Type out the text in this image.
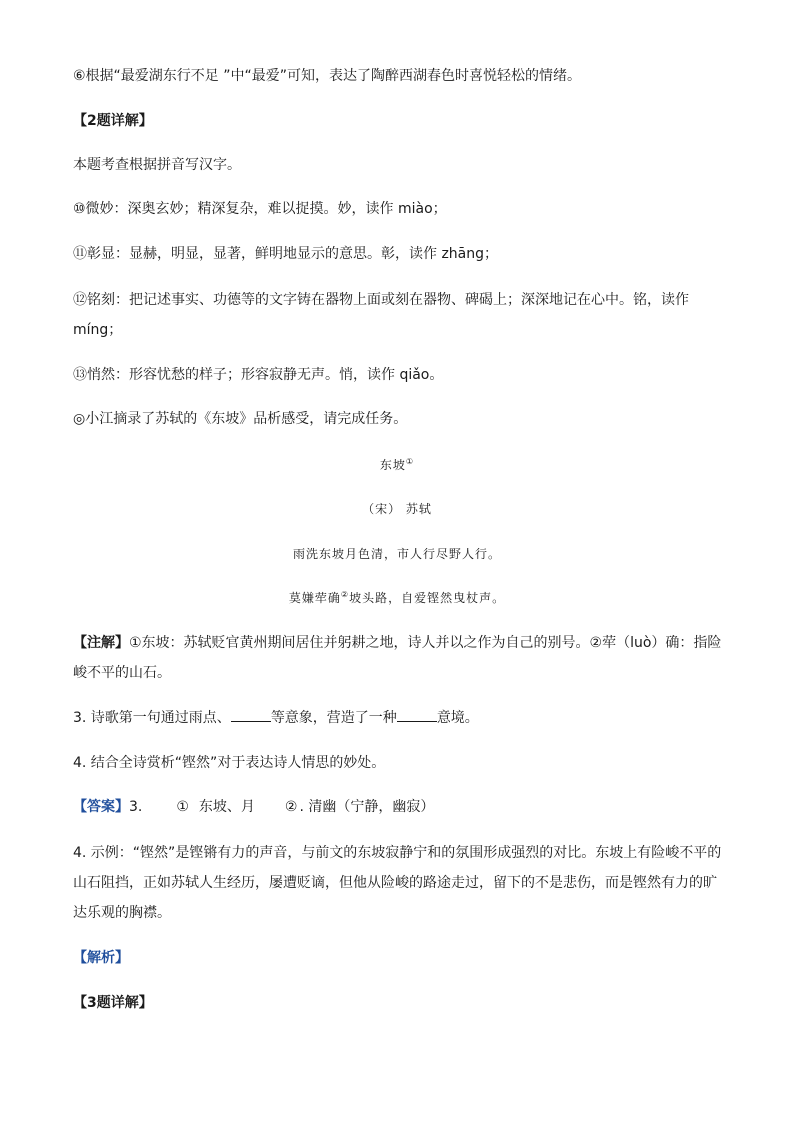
⑥根据“最爱湖东行不足 ”中“最爱”可知，表达了陶醉西湖春色时喜悦轻松的情绪。
【2题详解】
本题考查根据拼音写汉字。
⑩微妙：深奥玄妙；精深复杂，难以捉摸。妙，读作 miào；
⑪彰显：显赫，明显，显著，鲜明地显示的意思。彰，读作 zhāng；
⑫铭刻：把记述事实、功德等的文字铸在器物上面或刻在器物、碑碣上；深深地记在心中。铭，读作 míng；
⑬悄然：形容忧愁的样子；形容寂静无声。悄，读作 qiǎo。
◎小江摘录了苏轼的《东坡》品析感受，请完成任务。
东坡①
（宋） 苏轼
雨洗东坡月色清，市人行尽野人行。
莫嫌荦确②坡头路，自爱铿然曳杖声。
【注解】①东坡：苏轼贬官黄州期间居住并躬耕之地，诗人并以之作为自己的别号。②荦（luò）确：指险峻不平的山石。
3. 诗歌第一句通过雨点、	等意象，营造了一种	意境。
4. 结合全诗赏析“铿然”对于表达诗人情思的妙处。
【答案】3. ① 东坡、月 ② . 清幽（宁静，幽寂）
4. 示例：“铿然”是铿锵有力的声音，与前文的东坡寂静宁和的氛围形成强烈的对比。东坡上有险峻不平的山石阻挡，正如苏轼人生经历，屡遭贬谪，但他从险峻的路途走过，留下的不是悲伤，而是铿然有力的旷达乐观的胸襟。
【解析】
【3题详解】
